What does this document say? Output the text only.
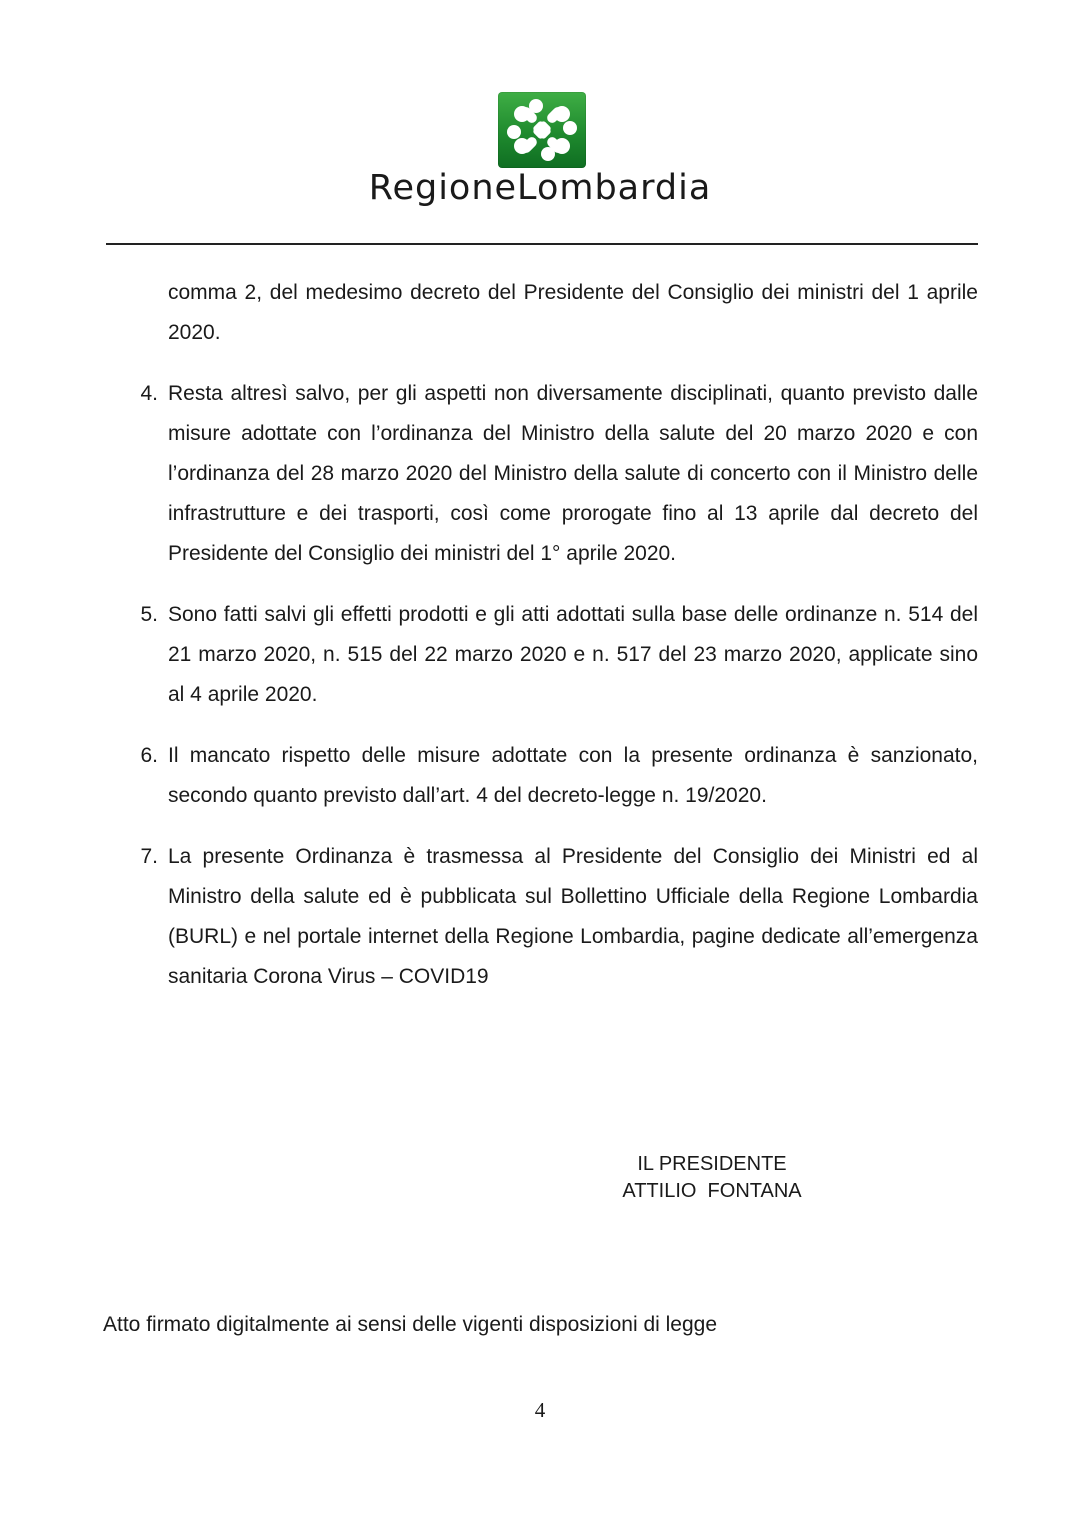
RegioneLombardia
comma 2, del medesimo decreto del Presidente del Consiglio dei ministri del 1 aprile 2020.
4. Resta altresì salvo, per gli aspetti non diversamente disciplinati, quanto previsto dalle misure adottate con l’ordinanza del Ministro della salute del 20 marzo 2020 e con l’ordinanza del 28 marzo 2020 del Ministro della salute di concerto con il Ministro delle infrastrutture e dei trasporti, così come prorogate fino al 13 aprile dal decreto del Presidente del Consiglio dei ministri del 1° aprile 2020.
5. Sono fatti salvi gli effetti prodotti e gli atti adottati sulla base delle ordinanze n. 514 del 21 marzo 2020, n. 515 del 22 marzo 2020 e n. 517 del 23 marzo 2020, applicate sino al 4 aprile 2020.
6. Il mancato rispetto delle misure adottate con la presente ordinanza è sanzionato, secondo quanto previsto dall’art. 4 del decreto-legge n. 19/2020.
7. La presente Ordinanza è trasmessa al Presidente del Consiglio dei Ministri ed al Ministro della salute ed è pubblicata sul Bollettino Ufficiale della Regione Lombardia (BURL) e nel portale internet della Regione Lombardia, pagine dedicate all’emergenza sanitaria Corona Virus – COVID19
IL PRESIDENTE
ATTILIO  FONTANA
Atto firmato digitalmente ai sensi delle vigenti disposizioni di legge
4
